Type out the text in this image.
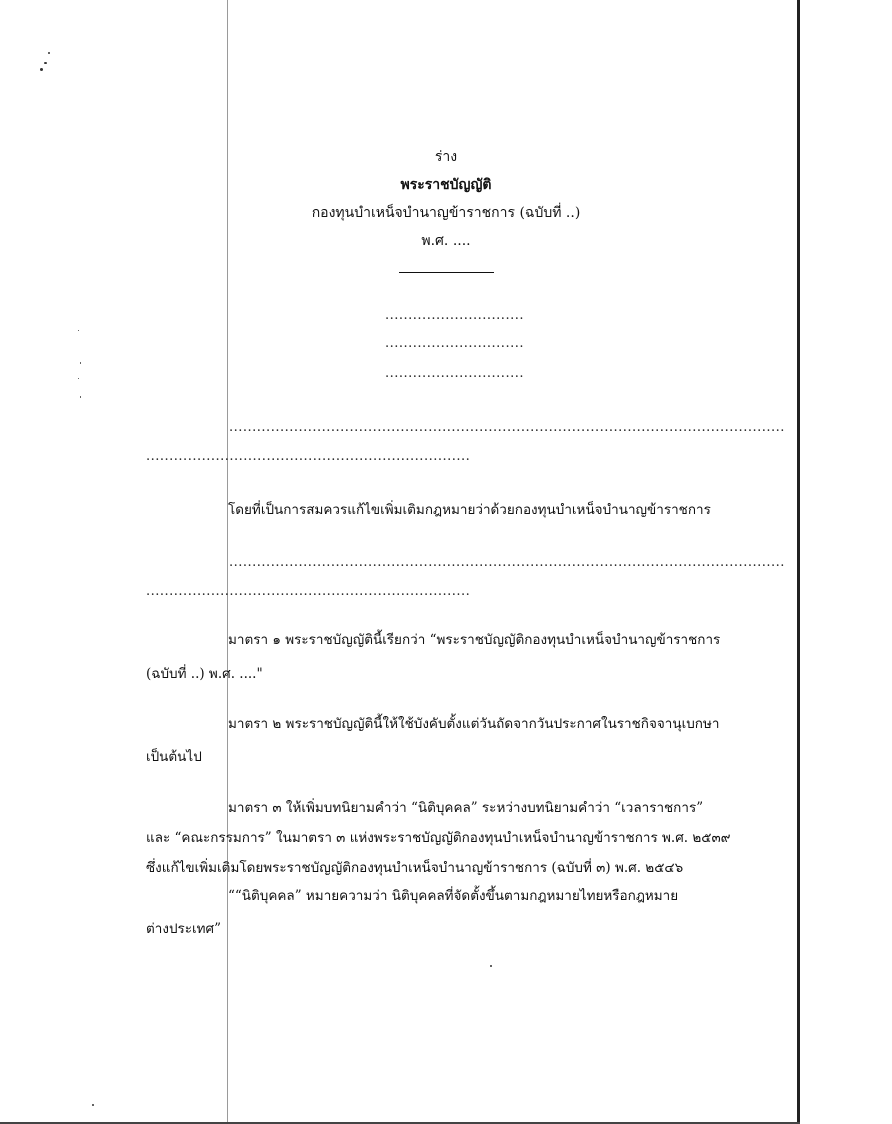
ร่าง
พระราชบัญญัติ
กองทุนบำเหน็จบำนาญข้าราชการ (ฉบับที่ ..)
พ.ศ. ....
..............................
..............................
..............................
........................................................................................................................
......................................................................
โดยที่เป็นการสมควรแก้ไขเพิ่มเติมกฎหมายว่าด้วยกองทุนบำเหน็จบำนาญข้าราชการ
........................................................................................................................
......................................................................
มาตรา ๑ พระราชบัญญัตินี้เรียกว่า “พระราชบัญญัติกองทุนบำเหน็จบำนาญข้าราชการ
(ฉบับที่ ..) พ.ศ. ...."
มาตรา ๒ พระราชบัญญัตินี้ให้ใช้บังคับตั้งแต่วันถัดจากวันประกาศในราชกิจจานุเบกษา
เป็นต้นไป
มาตรา ๓ ให้เพิ่มบทนิยามคำว่า “นิติบุคคล” ระหว่างบทนิยามคำว่า “เวลาราชการ”
และ “คณะกรรมการ” ในมาตรา ๓ แห่งพระราชบัญญัติกองทุนบำเหน็จบำนาญข้าราชการ พ.ศ. ๒๕๓๙
ซึ่งแก้ไขเพิ่มเติมโดยพระราชบัญญัติกองทุนบำเหน็จบำนาญข้าราชการ (ฉบับที่ ๓) พ.ศ. ๒๕๔๖
““นิติบุคคล” หมายความว่า นิติบุคคลที่จัดตั้งขึ้นตามกฎหมายไทยหรือกฎหมาย
ต่างประเทศ”
